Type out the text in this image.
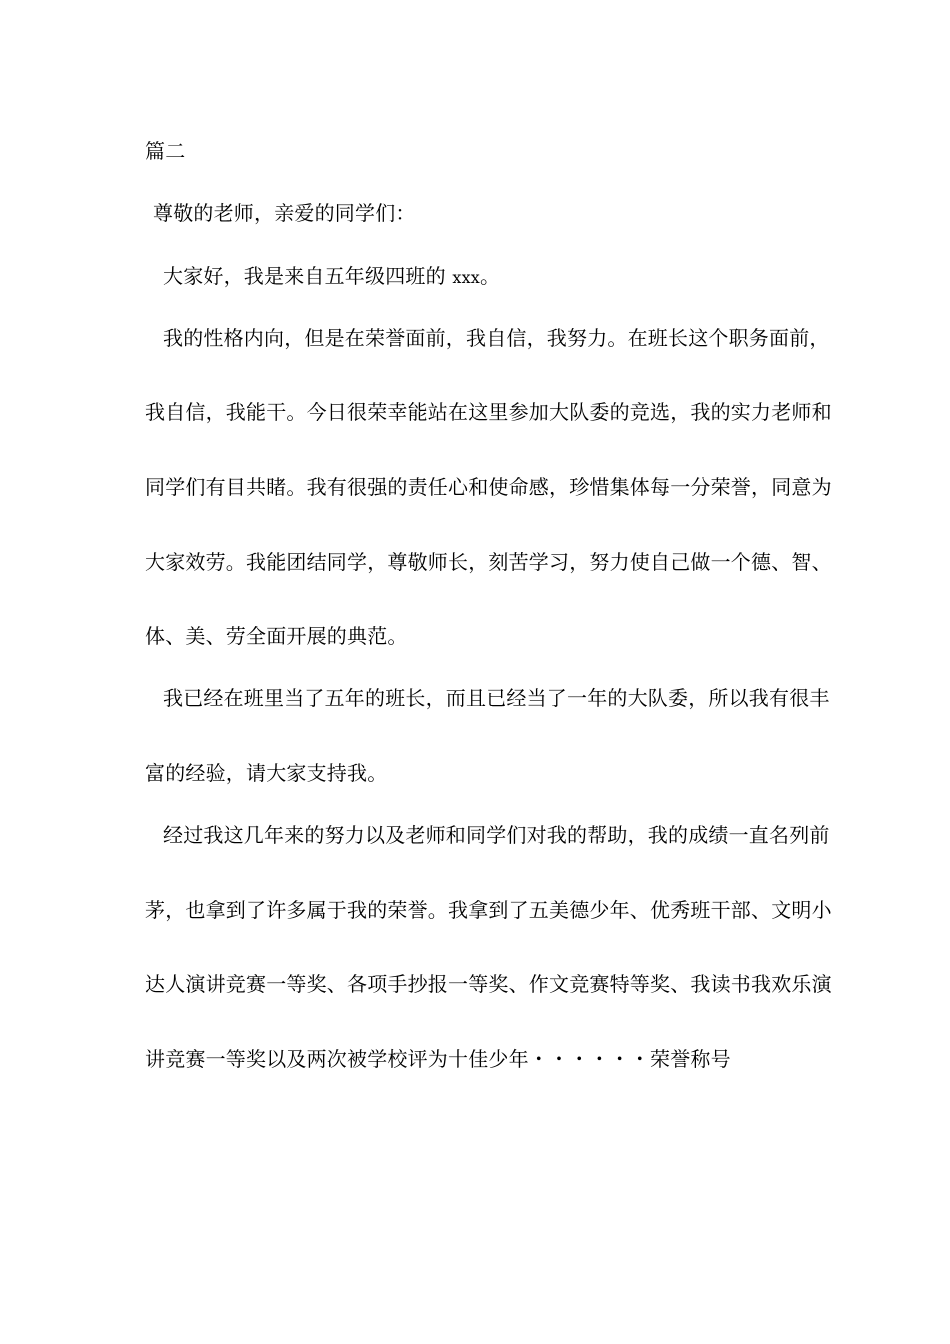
篇二
尊敬的老师，亲爱的同学们：
大家好，我是来自五年级四班的 xxx。
我的性格内向，但是在荣誉面前，我自信，我努力。在班长这个职务面前，
我自信，我能干。今日很荣幸能站在这里参加大队委的竞选，我的实力老师和
同学们有目共睹。我有很强的责任心和使命感，珍惜集体每一分荣誉，同意为
大家效劳。我能团结同学，尊敬师长，刻苦学习，努力使自己做一个德、智、
体、美、劳全面开展的典范。
我已经在班里当了五年的班长，而且已经当了一年的大队委，所以我有很丰
富的经验，请大家支持我。
经过我这几年来的努力以及老师和同学们对我的帮助，我的成绩一直名列前
茅，也拿到了许多属于我的荣誉。我拿到了五美德少年、优秀班干部、文明小
达人演讲竞赛一等奖、各项手抄报一等奖、作文竞赛特等奖、我读书我欢乐演
讲竞赛一等奖以及两次被学校评为十佳少年・・・・・・荣誉称号
